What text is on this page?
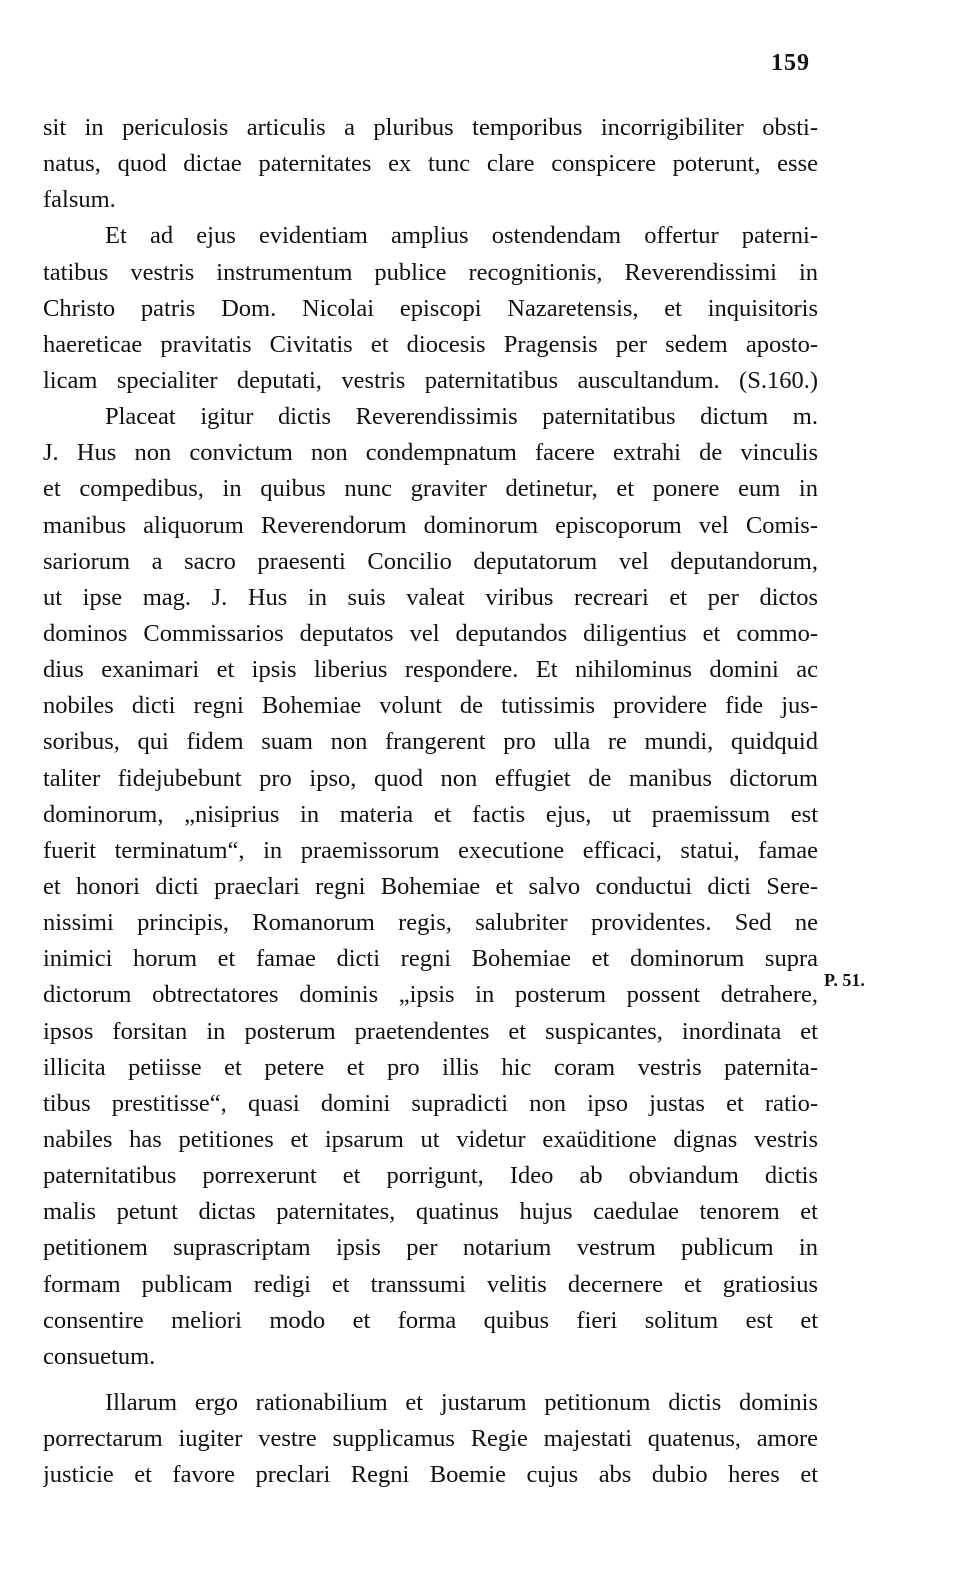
159
P. 51.
sit in periculosis articulis a pluribus temporibus incorrigibiliter obsti-
natus, quod dictae paternitates ex tunc clare conspicere poterunt, esse
falsum.
Et ad ejus evidentiam amplius ostendendam offertur paterni-
tatibus vestris instrumentum publice recognitionis, Reverendissimi in
Christo patris Dom. Nicolai episcopi Nazaretensis, et inquisitoris
haereticae pravitatis Civitatis et diocesis Pragensis per sedem aposto-
licam specialiter deputati, vestris paternitatibus auscultandum. (S.160.)
Placeat igitur dictis Reverendissimis paternitatibus dictum m.
J. Hus non convictum non condempnatum facere extrahi de vinculis
et compedibus, in quibus nunc graviter detinetur, et ponere eum in
manibus aliquorum Reverendorum dominorum episcoporum vel Comis-
sariorum a sacro praesenti Concilio deputatorum vel deputandorum,
ut ipse mag. J. Hus in suis valeat viribus recreari et per dictos
dominos Commissarios deputatos vel deputandos diligentius et commo-
dius exanimari et ipsis liberius respondere. Et nihilominus domini ac
nobiles dicti regni Bohemiae volunt de tutissimis providere fide jus-
soribus, qui fidem suam non frangerent pro ulla re mundi, quidquid
taliter fidejubebunt pro ipso, quod non effugiet de manibus dictorum
dominorum, „nisiprius in materia et factis ejus, ut praemissum est
fuerit terminatum“, in praemissorum executione efficaci, statui, famae
et honori dicti praeclari regni Bohemiae et salvo conductui dicti Sere-
nissimi principis, Romanorum regis, salubriter providentes. Sed ne
inimici horum et famae dicti regni Bohemiae et dominorum supra
dictorum obtrectatores dominis „ipsis in posterum possent detrahere,
ipsos forsitan in posterum praetendentes et suspicantes, inordinata et
illicita petiisse et petere et pro illis hic coram vestris paternita-
tibus prestitisse“, quasi domini supradicti non ipso justas et ratio-
nabiles has petitiones et ipsarum ut videtur exaüditione dignas vestris
paternitatibus porrexerunt et porrigunt, Ideo ab obviandum dictis
malis petunt dictas paternitates, quatinus hujus caedulae tenorem et
petitionem suprascriptam ipsis per notarium vestrum publicum in
formam publicam redigi et transsumi velitis decernere et gratiosius
consentire meliori modo et forma quibus fieri solitum est et
consuetum.
Illarum ergo rationabilium et justarum petitionum dictis dominis
porrectarum iugiter vestre supplicamus Regie majestati quatenus, amore
justicie et favore preclari Regni Boemie cujus abs dubio heres et
